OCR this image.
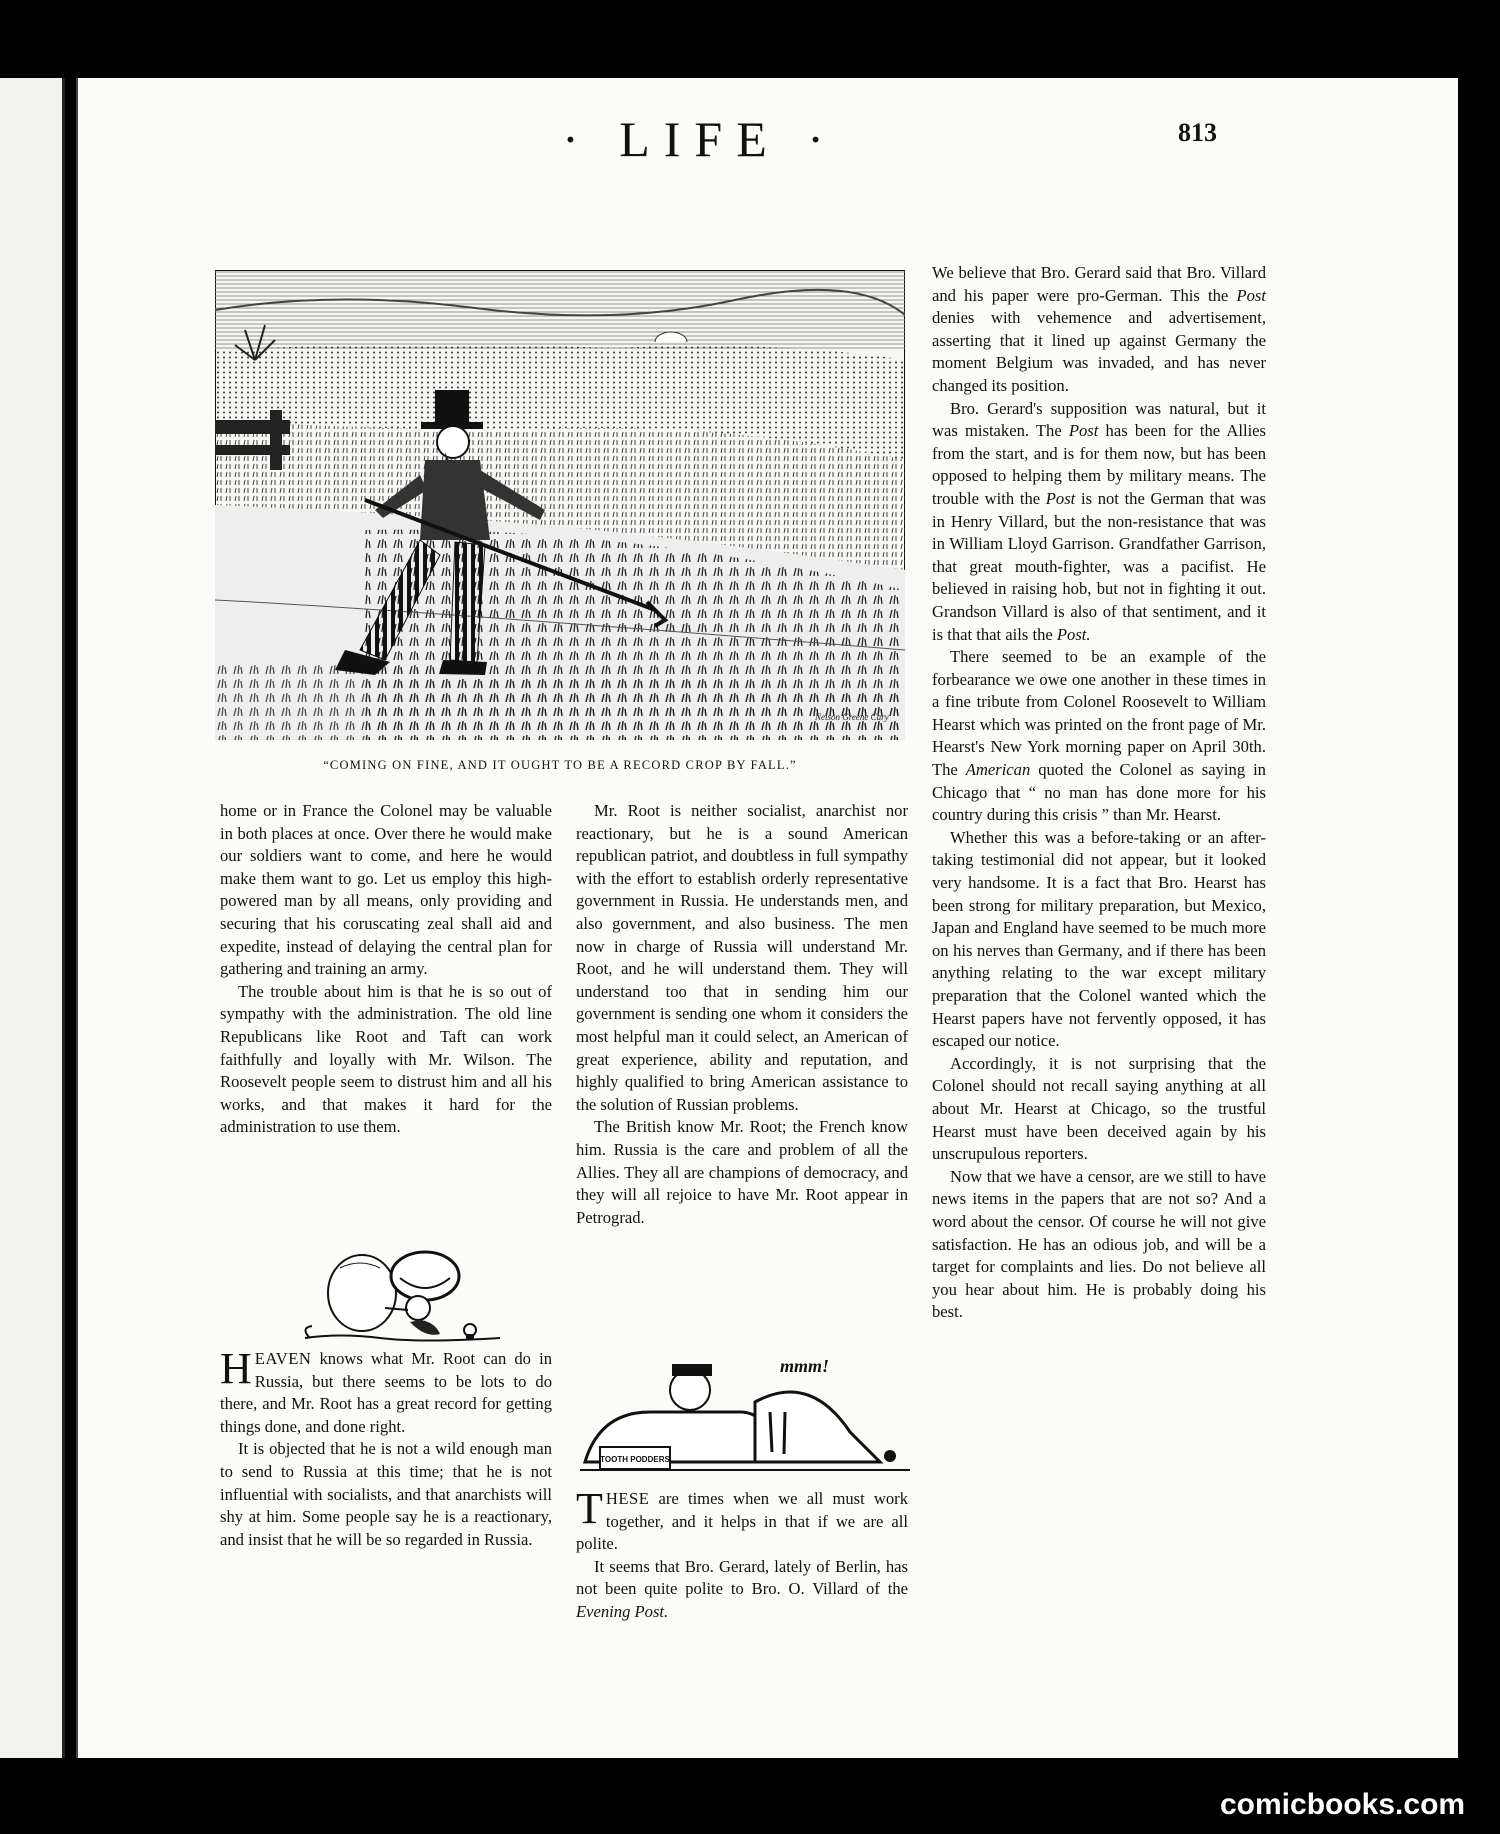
· LIFE ·	813
Nelson Greene Cary
“COMING ON FINE, AND IT OUGHT TO BE A RECORD CROP BY FALL.”

home or in France the Colonel may be valuable in both places at once. Over there he would make our soldiers want to come, and here he would make them want to go. Let us employ this high-powered man by all means, only providing and securing that his coruscating zeal shall aid and expedite, instead of delaying the central plan for gathering and training an army.

The trouble about him is that he is so out of sympathy with the administration. The old line Republicans like Root and Taft can work faithfully and loyally with Mr. Wilson. The Roosevelt people seem to distrust him and all his works, and that makes it hard for the administration to use them.

HEAVEN knows what Mr. Root can do in Russia, but there seems to be lots to do there, and Mr. Root has a great record for getting things done, and done right.

It is objected that he is not a wild enough man to send to Russia at this time; that he is not influential with socialists, and that anarchists will shy at him. Some people say he is a reactionary, and insist that he will be so regarded in Russia.

Mr. Root is neither socialist, anarchist nor reactionary, but he is a sound American republican patriot, and doubtless in full sympathy with the effort to establish orderly representative government in Russia. He understands men, and also government, and also business. The men now in charge of Russia will understand Mr. Root, and he will understand them. They will understand too that in sending him our government is sending one whom it considers the most helpful man it could select, an American of great experience, ability and reputation, and highly qualified to bring American assistance to the solution of Russian problems.

The British know Mr. Root; the French know him. Russia is the care and problem of all the Allies. They all are champions of democracy, and they will all rejoice to have Mr. Root appear in Petrograd.

TOOTH PODDERS
mmm!

THESE are times when we all must work together, and it helps in that if we are all polite.

It seems that Bro. Gerard, lately of Berlin, has not been quite polite to Bro. O. Villard of the Evening Post.

We believe that Bro. Gerard said that Bro. Villard and his paper were pro-German. This the Post denies with vehemence and advertisement, asserting that it lined up against Germany the moment Belgium was invaded, and has never changed its position.

Bro. Gerard's supposition was natural, but it was mistaken. The Post has been for the Allies from the start, and is for them now, but has been opposed to helping them by military means. The trouble with the Post is not the German that was in Henry Villard, but the non-resistance that was in William Lloyd Garrison. Grandfather Garrison, that great mouth-fighter, was a pacifist. He believed in raising hob, but not in fighting it out. Grandson Villard is also of that sentiment, and it is that that ails the Post.

There seemed to be an example of the forbearance we owe one another in these times in a fine tribute from Colonel Roosevelt to William Hearst which was printed on the front page of Mr. Hearst's New York morning paper on April 30th. The American quoted the Colonel as saying in Chicago that “ no man has done more for his country during this crisis ” than Mr. Hearst.

Whether this was a before-taking or an after-taking testimonial did not appear, but it looked very handsome. It is a fact that Bro. Hearst has been strong for military preparation, but Mexico, Japan and England have seemed to be much more on his nerves than Germany, and if there has been anything relating to the war except military preparation that the Colonel wanted which the Hearst papers have not fervently opposed, it has escaped our notice.

Accordingly, it is not surprising that the Colonel should not recall saying anything at all about Mr. Hearst at Chicago, so the trustful Hearst must have been deceived again by his unscrupulous reporters.

Now that we have a censor, are we still to have news items in the papers that are not so? And a word about the censor. Of course he will not give satisfaction. He has an odious job, and will be a target for complaints and lies. Do not believe all you hear about him. He is probably doing his best.

comicbooks.com
